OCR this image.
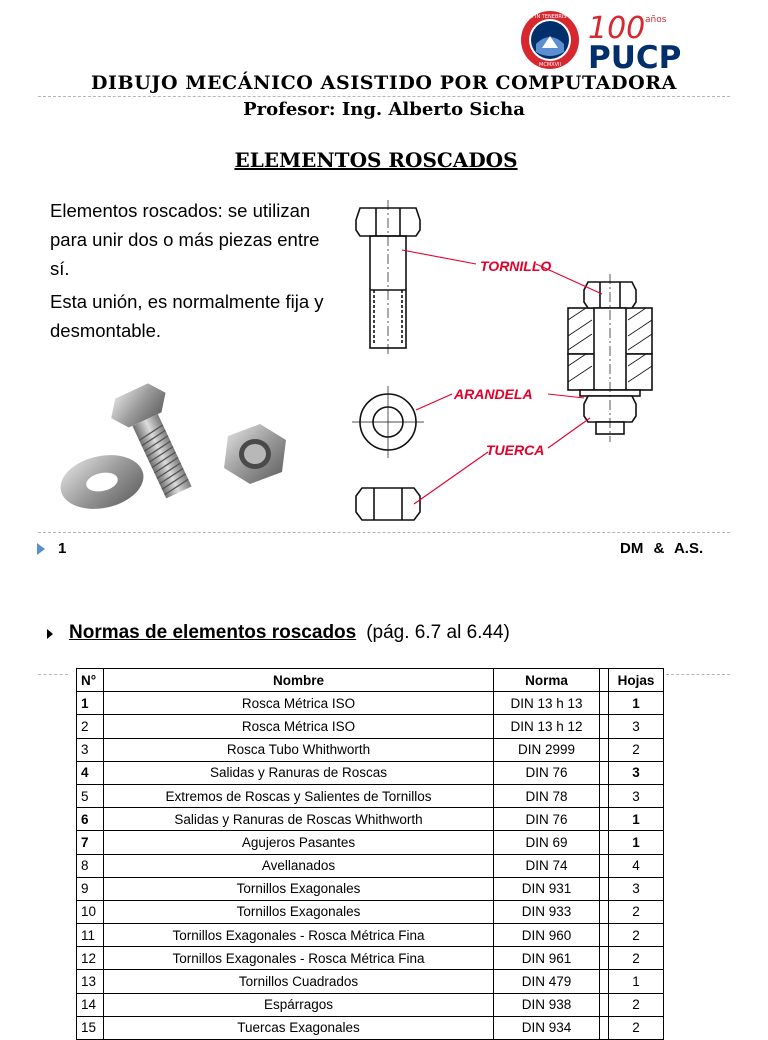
ET LUX IN TENEBRIS LUCET
MCMXVII
100 años
PUCP
DIBUJO MECÁNICO ASISTIDO POR COMPUTADORA
Profesor: Ing. Alberto Sicha
ELEMENTOS ROSCADOS

Elementos roscados: se utilizan para unir dos o más piezas entre sí.

Esta unión, es normalmente fija y desmontable.

TORNILLO
ARANDELA
TUERCA
1	DM & A.S.
Normas de elementos roscados (pág. 6.7 al 6.44)
N°	Nombre	Norma		Hojas
1	Rosca Métrica ISO	DIN 13 h 13		1
2	Rosca Métrica ISO	DIN 13 h 12		3
3	Rosca Tubo Whithworth	DIN 2999		2
4	Salidas y Ranuras de Roscas	DIN 76		3
5	Extremos de Roscas y Salientes de Tornillos	DIN 78		3
6	Salidas y Ranuras de Roscas Whithworth	DIN 76		1
7	Agujeros Pasantes	DIN 69		1
8	Avellanados	DIN 74		4
9	Tornillos Exagonales	DIN 931		3
10	Tornillos Exagonales	DIN 933		2
11	Tornillos Exagonales - Rosca Métrica Fina	DIN 960		2
12	Tornillos Exagonales - Rosca Métrica Fina	DIN 961		2
13	Tornillos Cuadrados	DIN 479		1
14	Espárragos	DIN 938		2
15	Tuercas Exagonales	DIN 934		2
